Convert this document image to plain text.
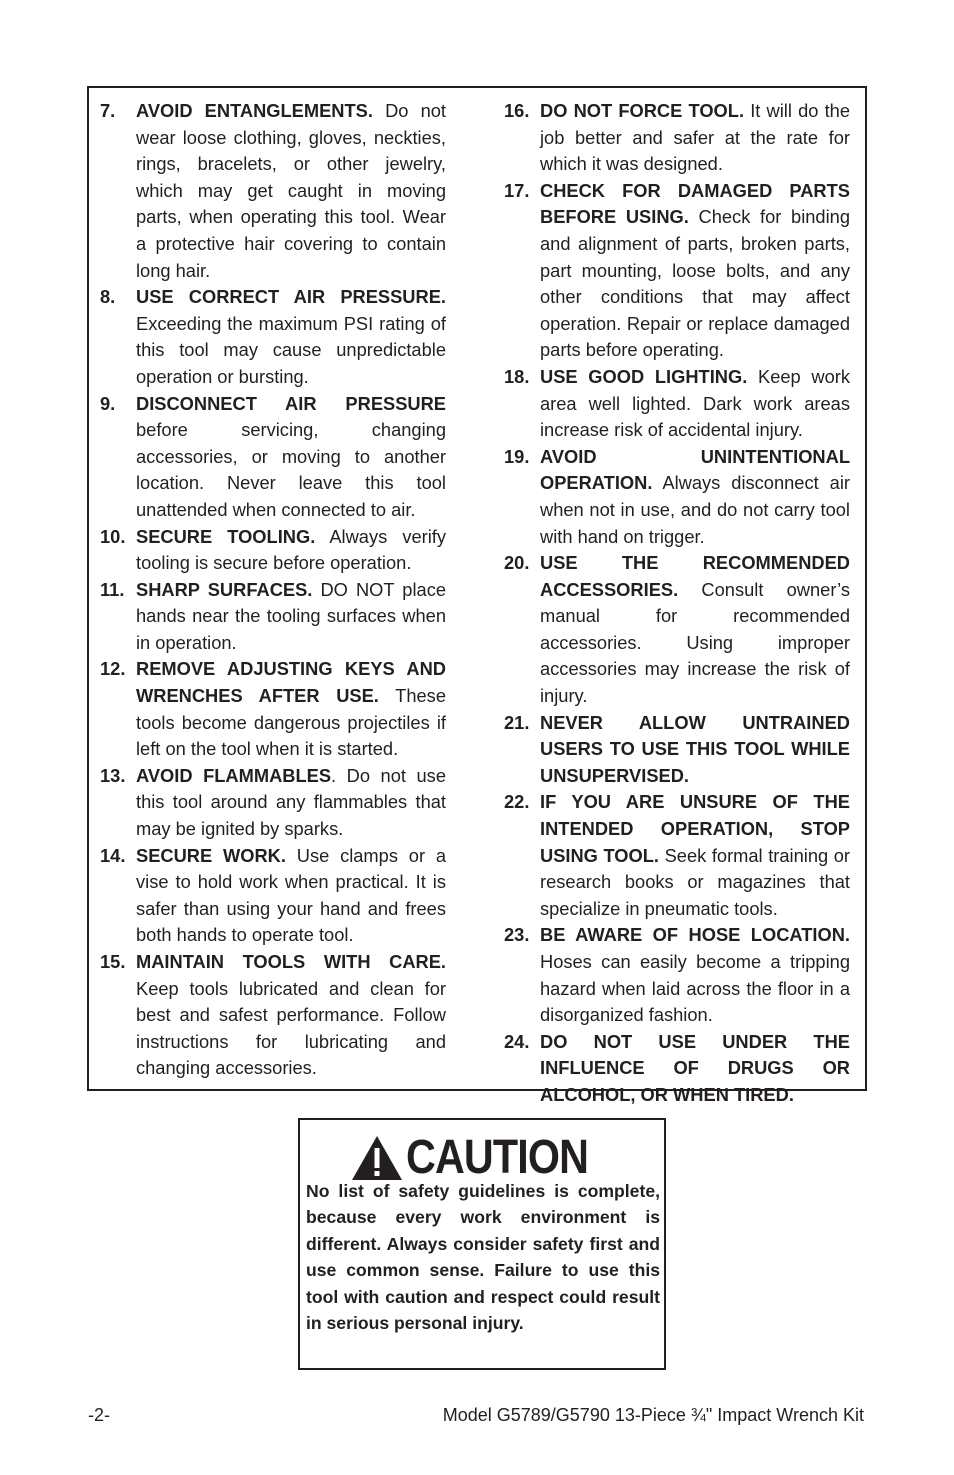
7.	AVOID ENTANGLEMENTS. Do not wear loose clothing, gloves, neckties, rings, bracelets, or other jewelry, which may get caught in moving parts, when operating this tool. Wear a protective hair covering to contain long hair.
8.	USE CORRECT AIR PRESSURE. Exceeding the maximum PSI rating of this tool may cause unpredictable operation or bursting.
9.	DISCONNECT AIR PRESSURE before servicing, changing accessories, or moving to another location. Never leave this tool unattended when connected to air.
10. SECURE TOOLING. Always verify tooling is secure before operation.
11. SHARP SURFACES. DO NOT place hands near the tooling surfaces when in operation.
12. REMOVE ADJUSTING KEYS AND WRENCHES AFTER USE. These tools become dangerous projectiles if left on the tool when it is started.
13. AVOID FLAMMABLES. Do not use this tool around any flammables that may be ignited by sparks.
14. SECURE WORK. Use clamps or a vise to hold work when practical. It is safer than using your hand and frees both hands to operate tool.
15. MAINTAIN TOOLS WITH CARE. Keep tools lubricated and clean for best and safest performance. Follow instructions for lubricating and changing accessories.
16. DO NOT FORCE TOOL. It will do the job better and safer at the rate for which it was designed.
17. CHECK FOR DAMAGED PARTS BEFORE USING. Check for binding and alignment of parts, broken parts, part mounting, loose bolts, and any other conditions that may affect operation. Repair or replace damaged parts before operating.
18. USE GOOD LIGHTING. Keep work area well lighted. Dark work areas increase risk of accidental injury.
19. AVOID UNINTENTIONAL OPERATION. Always disconnect air when not in use, and do not carry tool with hand on trigger.
20. USE THE RECOMMENDED ACCESSORIES. Consult owner’s manual for recommended accessories. Using improper accessories may increase the risk of injury.
21. NEVER ALLOW UNTRAINED USERS TO USE THIS TOOL WHILE UNSUPERVISED.
22. IF YOU ARE UNSURE OF THE INTENDED OPERATION, STOP USING TOOL. Seek formal training or research books or magazines that specialize in pneumatic tools.
23. BE AWARE OF HOSE LOCATION. Hoses can easily become a tripping hazard when laid across the floor in a disorganized fashion.
24. DO NOT USE UNDER THE INFLUENCE OF DRUGS OR ALCOHOL, OR WHEN TIRED.
CAUTION
No list of safety guidelines is complete, because every work environment is different. Always consider safety first and use common sense. Failure to use this tool with caution and respect could result in serious personal injury.
-2-	Model G5789/G5790 13-Piece ¾" Impact Wrench Kit
